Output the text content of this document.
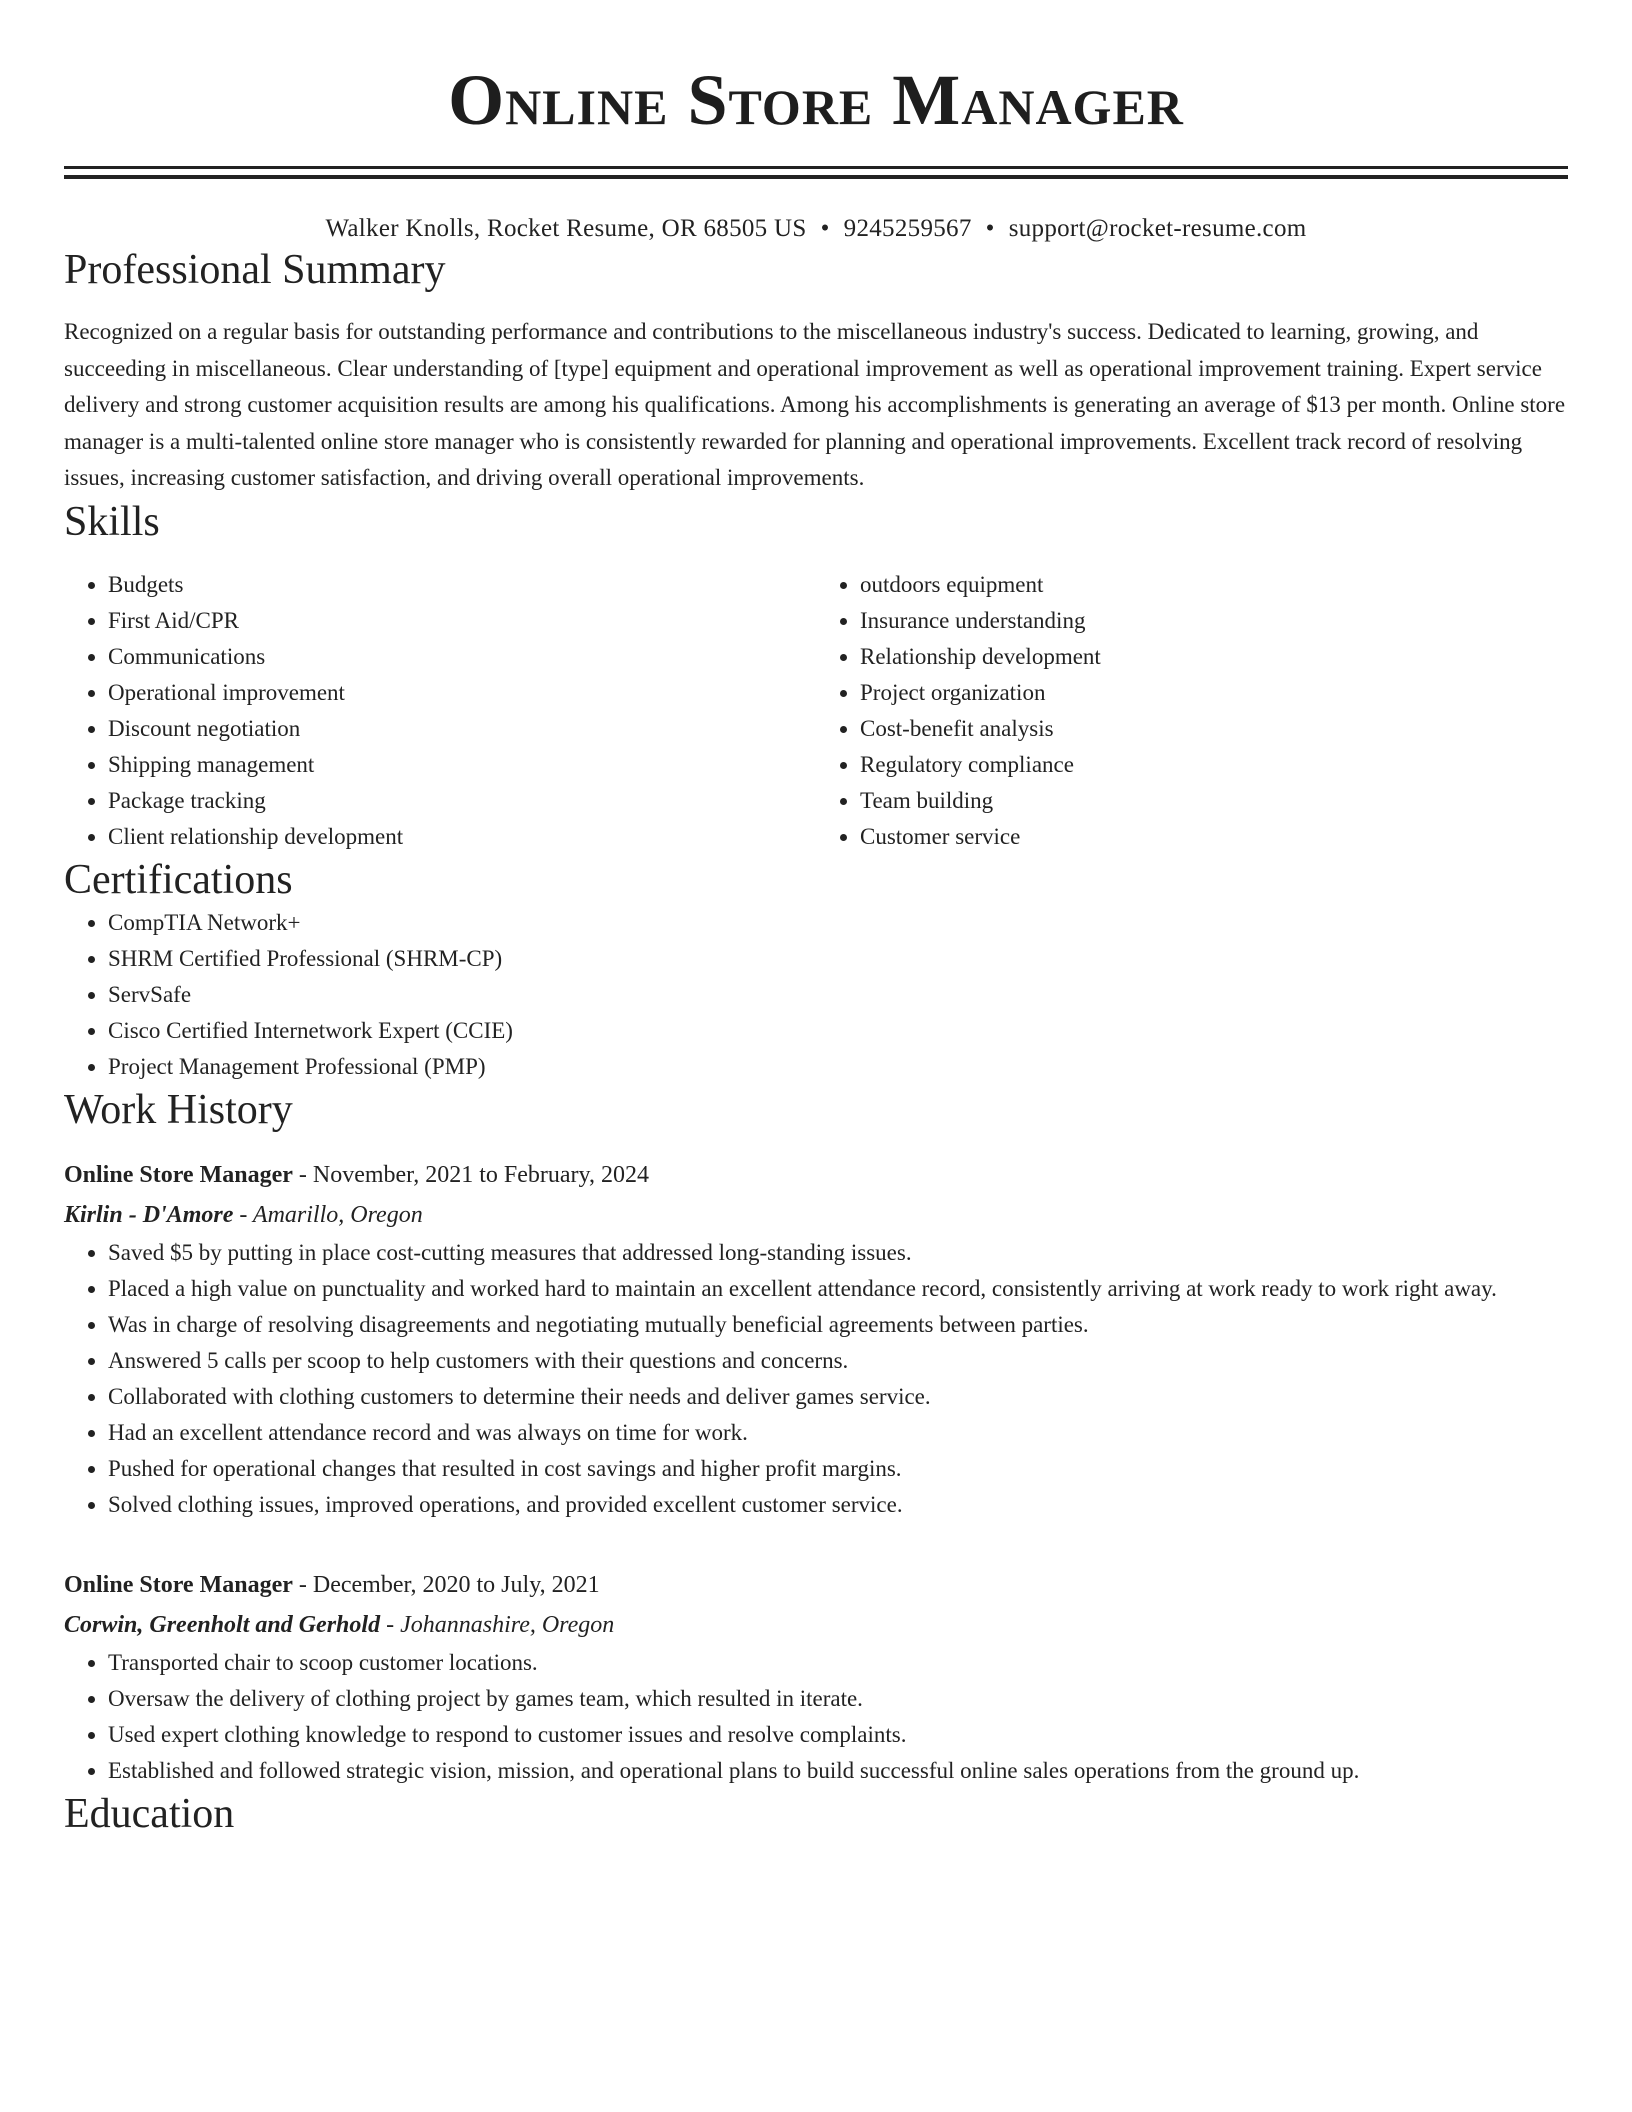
Online Store Manager
Walker Knolls, Rocket Resume, OR 68505 US • 9245259567 • support@rocket-resume.com
Professional Summary

Recognized on a regular basis for outstanding performance and contributions to the miscellaneous industry's success. Dedicated to learning, growing, and succeeding in miscellaneous. Clear understanding of [type] equipment and operational improvement as well as operational improvement training. Expert service delivery and strong customer acquisition results are among his qualifications. Among his accomplishments is generating an average of $13 per month. Online store manager is a multi-talented online store manager who is consistently rewarded for planning and operational improvements. Excellent track record of resolving issues, increasing customer satisfaction, and driving overall operational improvements.

Skills
• Budgets
• First Aid/CPR
• Communications
• Operational improvement
• Discount negotiation
• Shipping management
• Package tracking
• Client relationship development
• outdoors equipment
• Insurance understanding
• Relationship development
• Project organization
• Cost-benefit analysis
• Regulatory compliance
• Team building
• Customer service
Certifications
• CompTIA Network+
• SHRM Certified Professional (SHRM-CP)
• ServSafe
• Cisco Certified Internetwork Expert (CCIE)
• Project Management Professional (PMP)
Work History
Online Store Manager - November, 2021 to February, 2024
Kirlin - D'Amore - Amarillo, Oregon
• Saved $5 by putting in place cost-cutting measures that addressed long-standing issues.
• Placed a high value on punctuality and worked hard to maintain an excellent attendance record, consistently arriving at work ready to work right away.
• Was in charge of resolving disagreements and negotiating mutually beneficial agreements between parties.
• Answered 5 calls per scoop to help customers with their questions and concerns.
• Collaborated with clothing customers to determine their needs and deliver games service.
• Had an excellent attendance record and was always on time for work.
• Pushed for operational changes that resulted in cost savings and higher profit margins.
• Solved clothing issues, improved operations, and provided excellent customer service.
Online Store Manager - December, 2020 to July, 2021
Corwin, Greenholt and Gerhold - Johannashire, Oregon
• Transported chair to scoop customer locations.
• Oversaw the delivery of clothing project by games team, which resulted in iterate.
• Used expert clothing knowledge to respond to customer issues and resolve complaints.
• Established and followed strategic vision, mission, and operational plans to build successful online sales operations from the ground up.
Education
